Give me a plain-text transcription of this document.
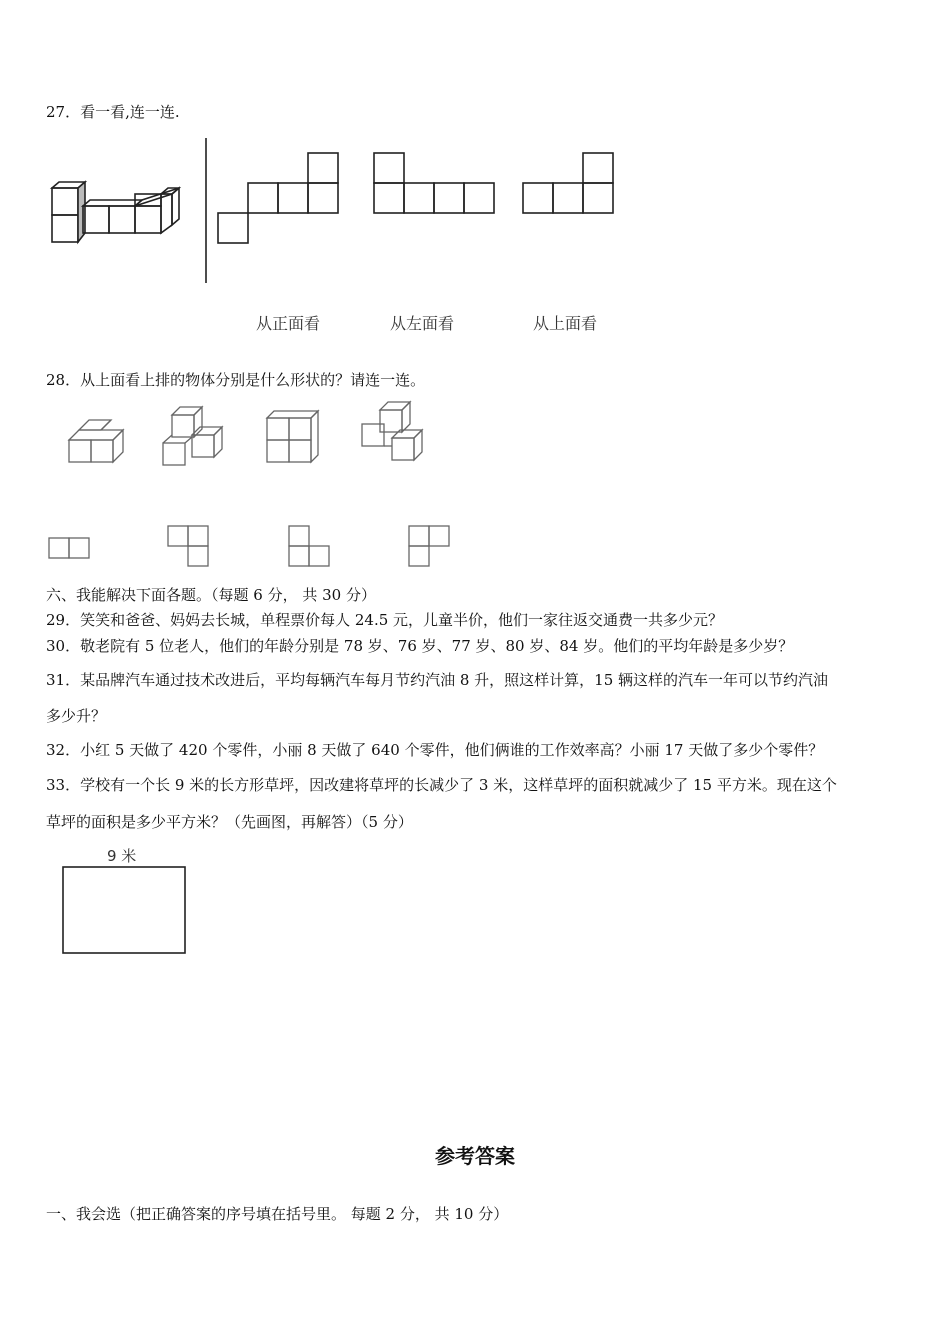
27．看一看,连一连.
从正面看	从左面看	从上面看
28．从上面看上排的物体分别是什么形状的？请连一连。
六、我能解决下面各题。（每题 6 分， 共 30 分）
29．笑笑和爸爸、妈妈去长城，单程票价每人 24.5 元，儿童半价，他们一家往返交通费一共多少元？
30．敬老院有 5 位老人，他们的年龄分别是 78 岁、76 岁、77 岁、80 岁、84 岁。他们的平均年龄是多少岁？
31．某品牌汽车通过技术改进后，平均每辆汽车每月节约汽油 8 升，照这样计算，15 辆这样的汽车一年可以节约汽油
多少升？
32．小红 5 天做了 420 个零件，小丽 8 天做了 640 个零件，他们俩谁的工作效率高？小丽 17 天做了多少个零件？
33．学校有一个长 9 米的长方形草坪，因改建将草坪的长减少了 3 米，这样草坪的面积就减少了 15 平方米。现在这个
草坪的面积是多少平方米？（先画图，再解答）（5 分）
9 米
参考答案
一、我会选（把正确答案的序号填在括号里。 每题 2 分， 共 10 分）
